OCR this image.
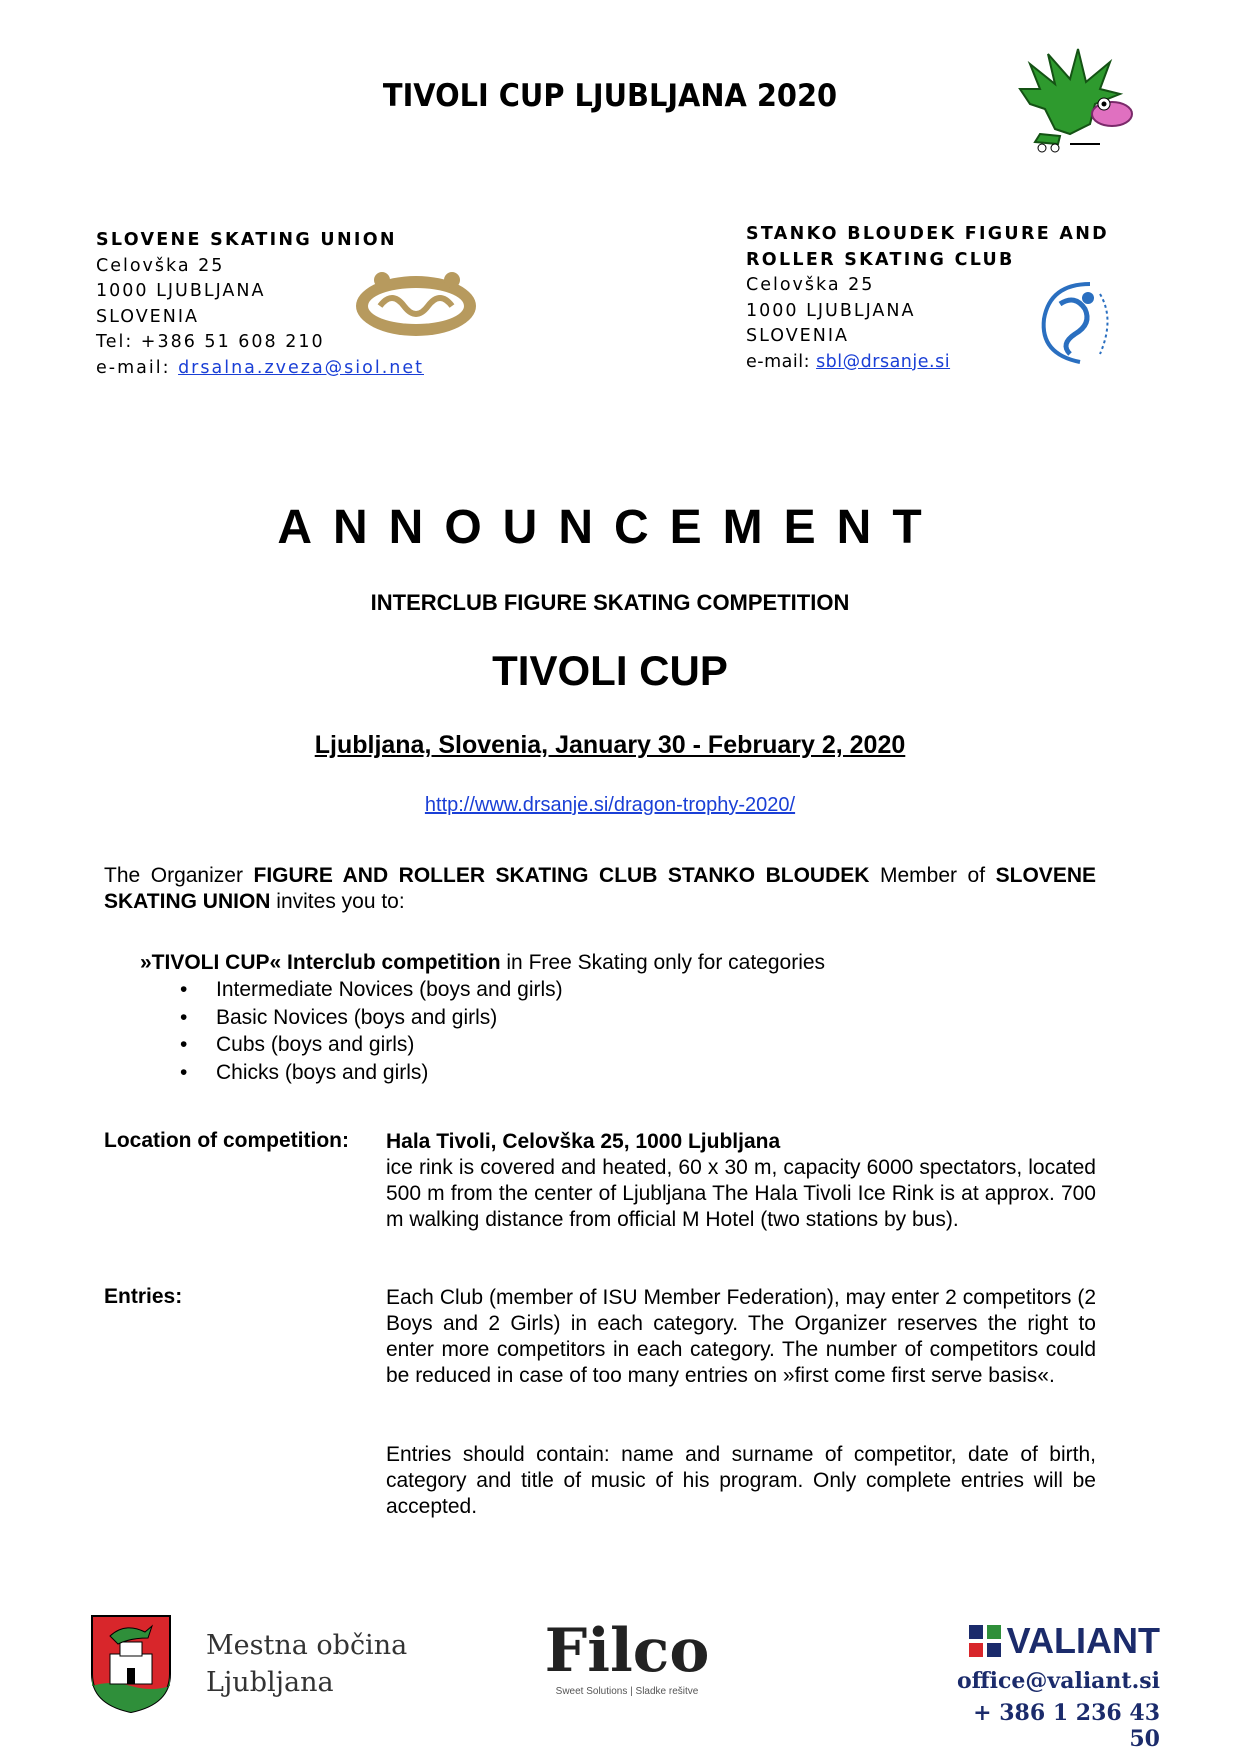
TIVOLI CUP LJUBLJANA 2020
SLOVENE SKATING UNION
Celovška 25
1000 LJUBLJANA
SLOVENIA
Tel: +386 51 608 210
e-mail: drsalna.zveza@siol.net
STANKO BLOUDEK FIGURE AND
ROLLER SKATING CLUB
Celovška 25
1000 LJUBLJANA
SLOVENIA
e-mail: sbl@drsanje.si
ANNOUNCEMENT
INTERCLUB FIGURE SKATING COMPETITION
TIVOLI CUP
Ljubljana, Slovenia, January 30 - February 2, 2020
http://www.drsanje.si/dragon-trophy-2020/
The Organizer FIGURE AND ROLLER SKATING CLUB STANKO BLOUDEK Member of SLOVENE SKATING UNION invites you to:
»TIVOLI CUP« Interclub competition in Free Skating only for categories
• Intermediate Novices (boys and girls)
• Basic Novices (boys and girls)
• Cubs (boys and girls)
• Chicks (boys and girls)
Location of competition: Hala Tivoli, Celovška 25, 1000 Ljubljana
ice rink is covered and heated, 60 x 30 m, capacity 6000 spectators, located 500 m from the center of Ljubljana The Hala Tivoli Ice Rink is at approx. 700 m walking distance from official M Hotel (two stations by bus).
Entries:	Each Club (member of ISU Member Federation), may enter 2 competitors (2 Boys and 2 Girls) in each category. The Organizer reserves the right to enter more competitors in each category. The number of competitors could be reduced in case of too many entries on »first come first serve basis«.
Entries should contain: name and surname of competitor, date of birth, category and title of music of his program. Only complete entries will be accepted.
Mestna občina
Ljubljana	Filco
Sweet Solutions | Sladke rešitve
VALIANT
office@valiant.si
+ 386 1 236 43 50
